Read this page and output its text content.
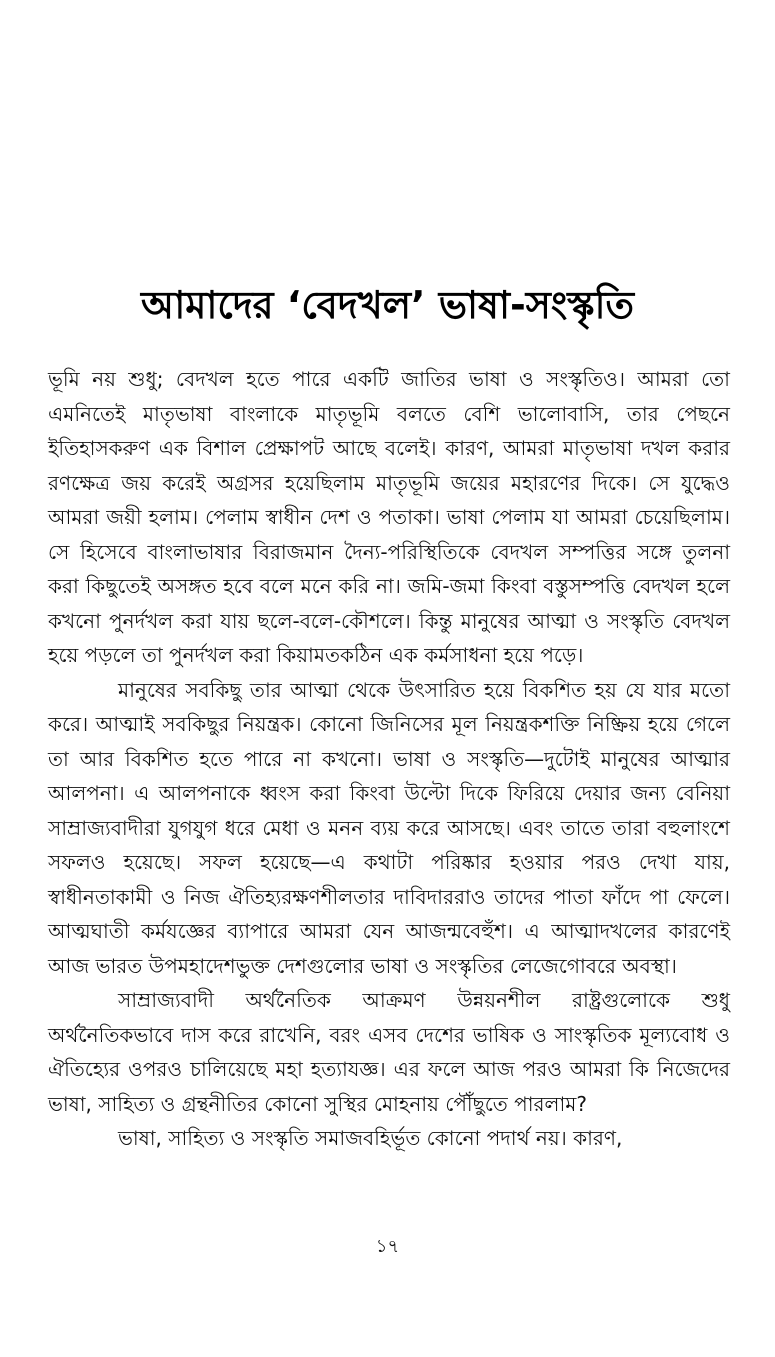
আমাদের ‘বেদখল’ ভাষা-সংস্কৃতি

ভূমি নয় শুধু; বেদখল হতে পারে একটি জাতির ভাষা ও সংস্কৃতিও। আমরা তো এমনিতেই মাতৃভাষা বাংলাকে মাতৃভূমি বলতে বেশি ভালোবাসি, তার পেছনে ইতিহাসকরুণ এক বিশাল প্রেক্ষাপট আছে বলেই। কারণ, আমরা মাতৃভাষা দখল করার রণক্ষেত্র জয় করেই অগ্রসর হয়েছিলাম মাতৃভূমি জয়ের মহারণের দিকে। সে যুদ্ধেও আমরা জয়ী হলাম। পেলাম স্বাধীন দেশ ও পতাকা। ভাষা পেলাম যা আমরা চেয়েছিলাম। সে হিসেবে বাংলাভাষার বিরাজমান দৈন্য-পরিস্থিতিকে বেদখল সম্পত্তির সঙ্গে তুলনা করা কিছুতেই অসঙ্গত হবে বলে মনে করি না। জমি-জমা কিংবা বস্তুসম্পত্তি বেদখল হলে কখনো পুনর্দখল করা যায় ছলে-বলে-কৌশলে। কিন্তু মানুষের আত্মা ও সংস্কৃতি বেদখল হয়ে পড়লে তা পুনর্দখল করা কিয়ামতকঠিন এক কর্মসাধনা হয়ে পড়ে।

মানুষের সবকিছু তার আত্মা থেকে উৎসারিত হয়ে বিকশিত হয় যে যার মতো করে। আত্মাই সবকিছুর নিয়ন্ত্রক। কোনো জিনিসের মূল নিয়ন্ত্রকশক্তি নিষ্ক্রিয় হয়ে গেলে তা আর বিকশিত হতে পারে না কখনো। ভাষা ও সংস্কৃতি—দুটোই মানুষের আত্মার আলপনা। এ আলপনাকে ধ্বংস করা কিংবা উল্টো দিকে ফিরিয়ে দেয়ার জন্য বেনিয়া সাম্রাজ্যবাদীরা যুগযুগ ধরে মেধা ও মনন ব্যয় করে আসছে। এবং তাতে তারা বহুলাংশে সফলও হয়েছে। সফল হয়েছে—এ কথাটা পরিষ্কার হওয়ার পরও দেখা যায়, স্বাধীনতাকামী ও নিজ ঐতিহ্যরক্ষণশীলতার দাবিদাররাও তাদের পাতা ফাঁদে পা ফেলে। আত্মঘাতী কর্মযজ্ঞের ব্যাপারে আমরা যেন আজন্মবেহুঁশ। এ আত্মাদখলের কারণেই আজ ভারত উপমহাদেশভুক্ত দেশগুলোর ভাষা ও সংস্কৃতির লেজেগোবরে অবস্থা।

সাম্রাজ্যবাদী অর্থনৈতিক আক্রমণ উন্নয়নশীল রাষ্ট্রগুলোকে শুধু অর্থনৈতিকভাবে দাস করে রাখেনি, বরং এসব দেশের ভাষিক ও সাংস্কৃতিক মূল্যবোধ ও ঐতিহ্যের ওপরও চালিয়েছে মহা হত্যাযজ্ঞ। এর ফলে আজ পরও আমরা কি নিজেদের ভাষা, সাহিত্য ও গ্রন্থনীতির কোনো সুস্থির মোহনায় পৌঁছুতে পারলাম?

ভাষা, সাহিত্য ও সংস্কৃতি সমাজবহির্ভূত কোনো পদার্থ নয়। কারণ,

১৭
